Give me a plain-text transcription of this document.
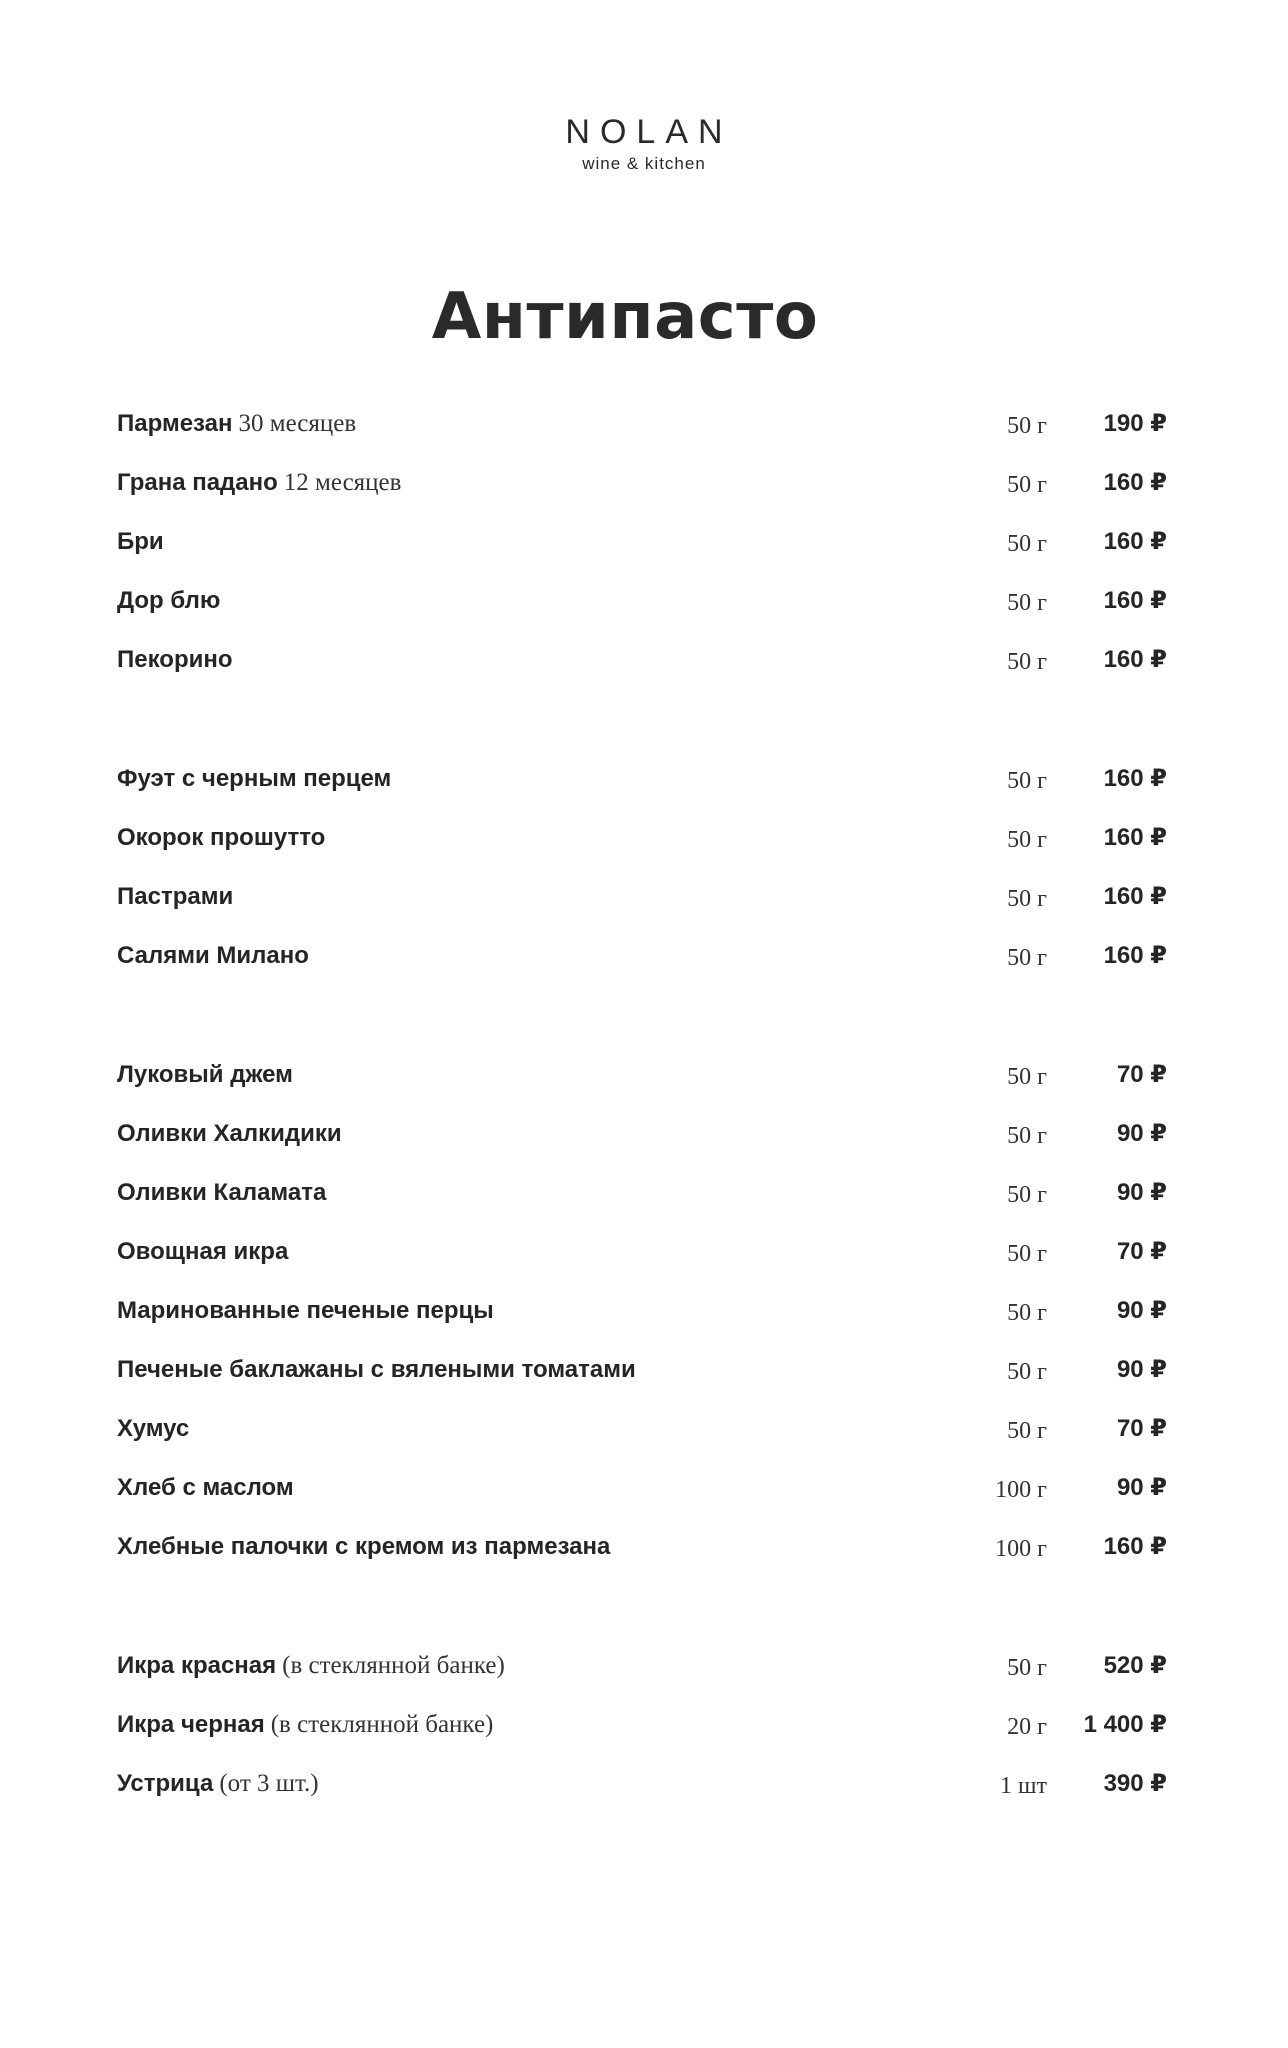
NOLAN
wine & kitchen
Антипасто
Пармезан 30 месяцев	50 г 190 ₽
Грана падано 12 месяцев	50 г 160 ₽
Бри	50 г 160 ₽
Дор блю	50 г 160 ₽
Пекорино	50 г 160 ₽
Фуэт с черным перцем	50 г 160 ₽
Окорок прошутто	50 г 160 ₽
Пастрами	50 г 160 ₽
Салями Милано	50 г 160 ₽
Луковый джем	50 г	70 ₽
Оливки Халкидики	50 г	90 ₽
Оливки Каламата	50 г	90 ₽
Овощная икра	50 г	70 ₽
Маринованные печеные перцы	50 г	90 ₽
Печеные баклажаны с вялеными томатами	50 г	90 ₽
Хумус	50 г	70 ₽
Хлеб с маслом	100 г	90 ₽
Хлебные палочки с кремом из пармезана	100 г 160 ₽
Икра красная (в стеклянной банке)	50 г 520 ₽
Икра черная (в стеклянной банке)	20 г 1 400 ₽
Устрица (от 3 шт.)	1 шт 390 ₽
